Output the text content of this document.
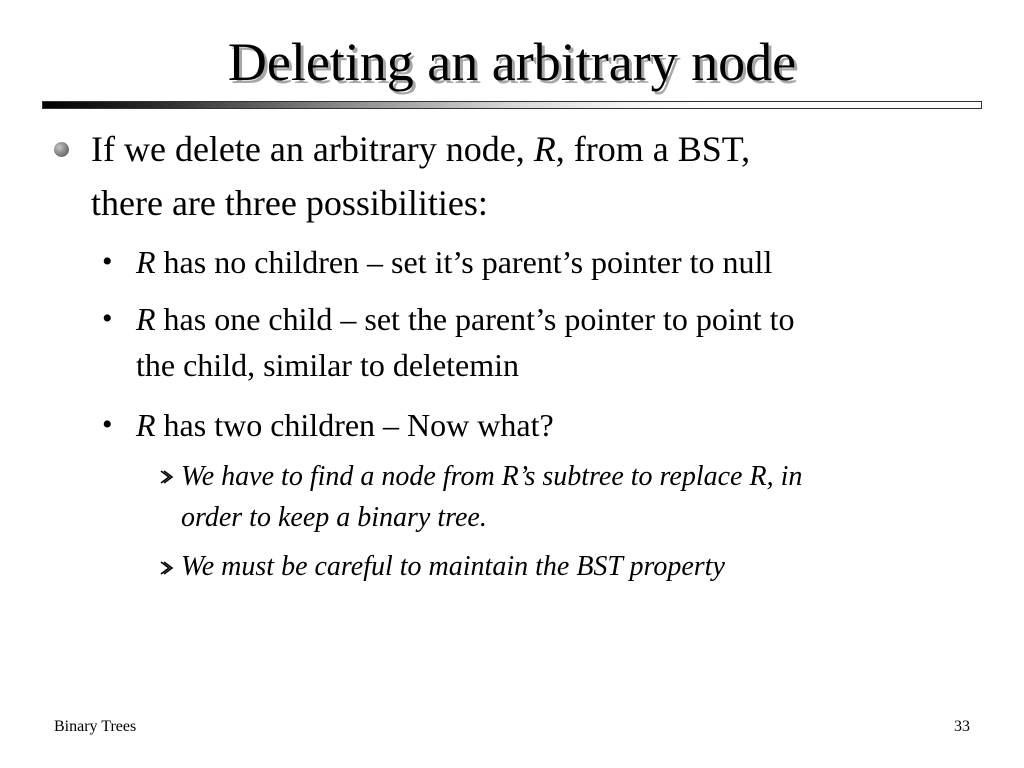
Deleting an arbitrary node
If we delete an arbitrary node, R, from a BST,
there are three possibilities:
• R has no children – set it’s parent’s pointer to null
• R has one child – set the parent’s pointer to point to
the child, similar to deletemin
• R has two children – Now what?
We have to find a node from R’s subtree to replace R, in
order to keep a binary tree.
We must be careful to maintain the BST property
Binary Trees	33
